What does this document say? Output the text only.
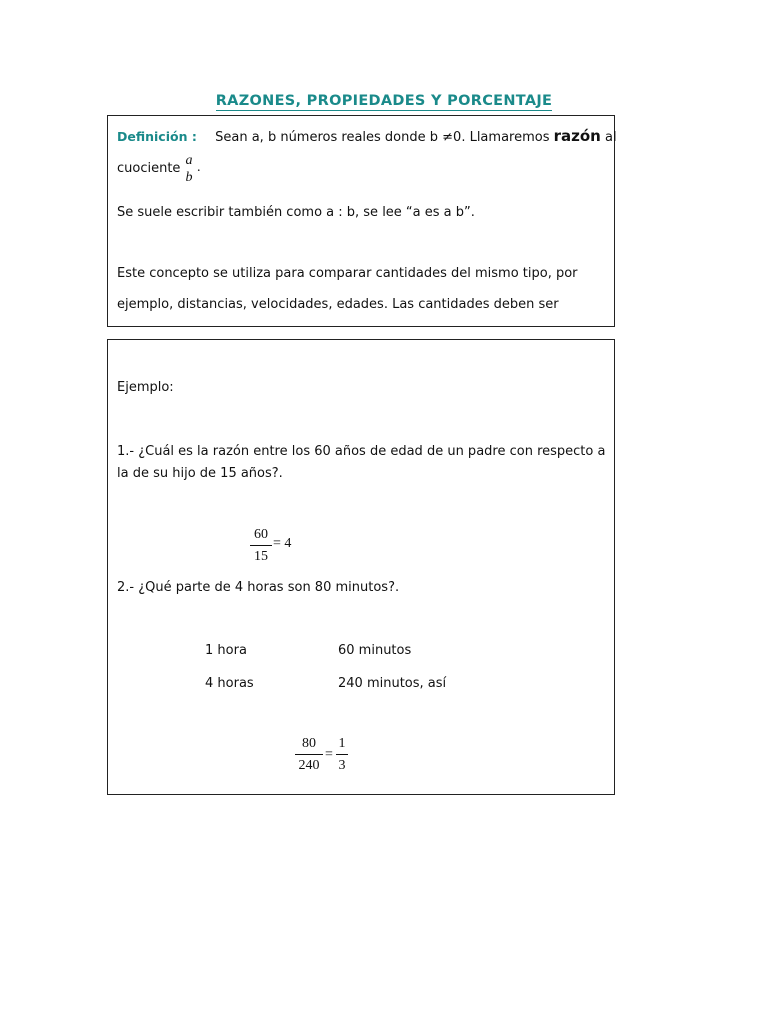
RAZONES, PROPIEDADES Y PORCENTAJE
Definición : Sean a, b números reales donde b ≠0. Llamaremos razón al
cuociente
a
b
.
Se suele escribir también como a : b, se lee “a es a b”.
Este concepto se utiliza para comparar cantidades del mismo tipo, por
ejemplo, distancias, velocidades, edades. Las cantidades deben ser
Ejemplo:
1.- ¿Cuál es la razón entre los 60 años de edad de un padre con respecto a
la de su hijo de 15 años?.
60
15
= 4
2.- ¿Qué parte de 4 horas son 80 minutos?.
1 hora	60 minutos
4 horas	240 minutos, así
80
240
=
1
3
